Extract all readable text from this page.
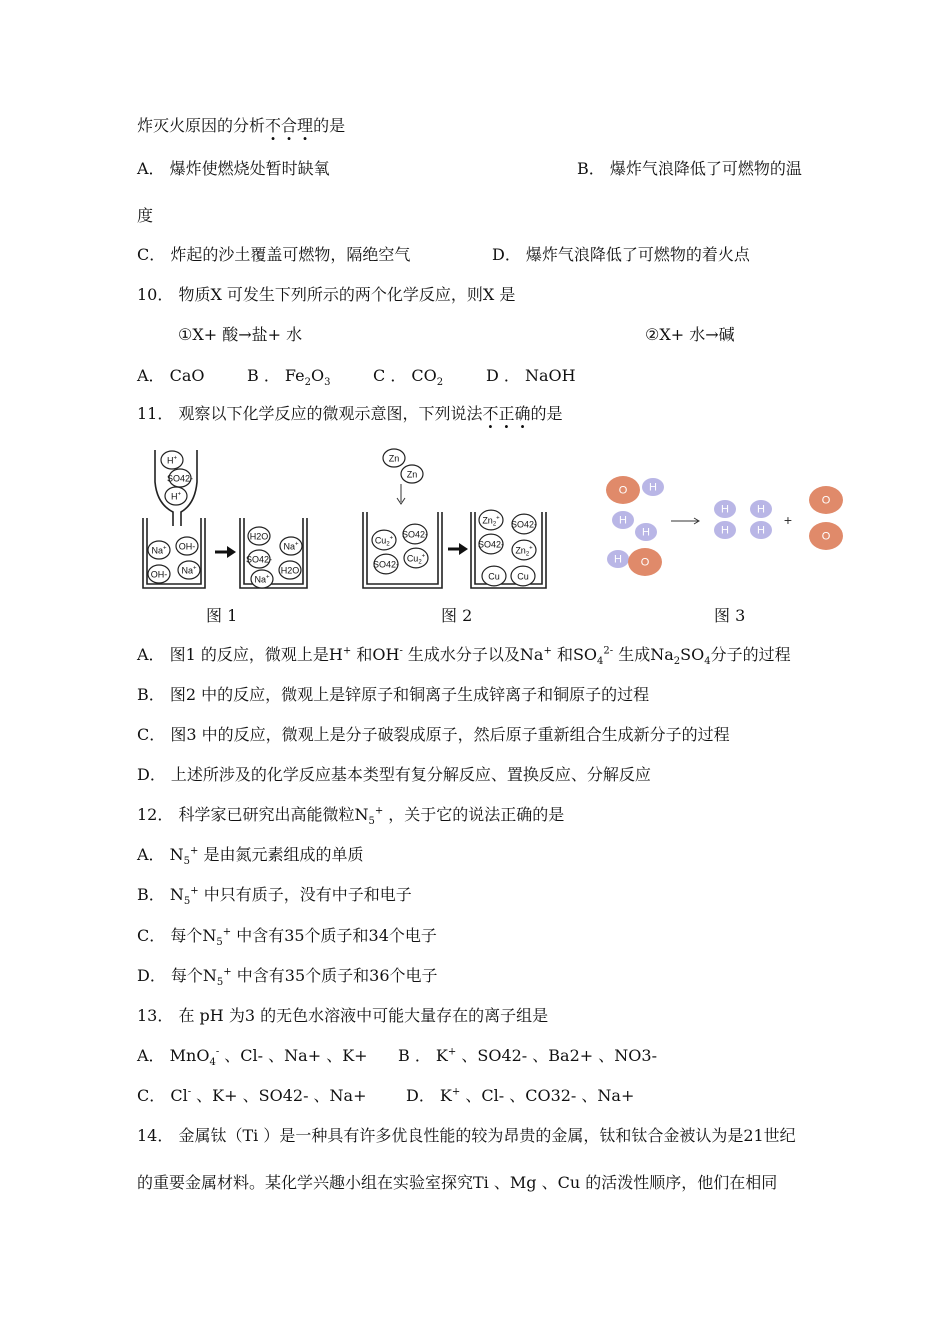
炸灭火原因的分析不合理的是
A． 爆炸使燃烧处暂时缺氧	B． 爆炸气浪降低了可燃物的温
度
C． 炸起的沙土覆盖可燃物，隔绝空气	D． 爆炸气浪降低了可燃物的着火点
10． 物质X 可发生下列所示的两个化学反应，则X 是
①X+ 酸→盐+ 水	②X+ 水→碱
A． CaO	B ． $Fe_2O_3$	C ． $CO_2$	D ． NaOH
11． 观察以下化学反应的微观示意图，下列说法不正确的是
H+
SO42-
H+
Na+ OH-
OH- Na+
H2O
Na+
SO42-
Na+
H2O
图 1
Zn
Zn
$Cu_2^+$ SO42-
SO42-
$Cu_2^+$
$Zn_2^+$
SO42-
SO42-
$Zn_2^+$
Cu Cu
图 2
O H
H
H
H O
H
H
H
H
O
O
+
图 3
A． 图1 的反应，微观上是H+ 和OH- 生成水分子以及Na+ 和$SO_4^{2-}$ 生成$Na_2SO_4$分子的过程
B． 图2 中的反应，微观上是锌原子和铜离子生成锌离子和铜原子的过程
C． 图3 中的反应，微观上是分子破裂成原子，然后原子重新组合生成新分子的过程
D． 上述所涉及的化学反应基本类型有复分解反应、置换反应、分解反应
12． 科学家已研究出高能微粒$N_5^+$ ，关于它的说法正确的是
A． $N_5^+$ 是由氮元素组成的单质
B． $N_5^+$ 中只有质子，没有中子和电子
C． 每个$N_5^+$ 中含有35个质子和34个电子
D． 每个$N_5^+$ 中含有35个质子和36个电子
13． 在 pH 为3 的无色水溶液中可能大量存在的离子组是
A． MnO$_4$- 、Cl- 、Na+ 、K+ B ． K+ 、SO42- 、Ba2+ 、NO3-
C． Cl- 、K+ 、SO42- 、Na+ D． K+ 、Cl- 、CO32- 、Na+
14． 金属钛（Ti ）是一种具有许多优良性能的较为昂贵的金属，钛和钛合金被认为是21世纪
的重要金属材料。某化学兴趣小组在实验室探究Ti 、Mg 、Cu 的活泼性顺序，他们在相同
